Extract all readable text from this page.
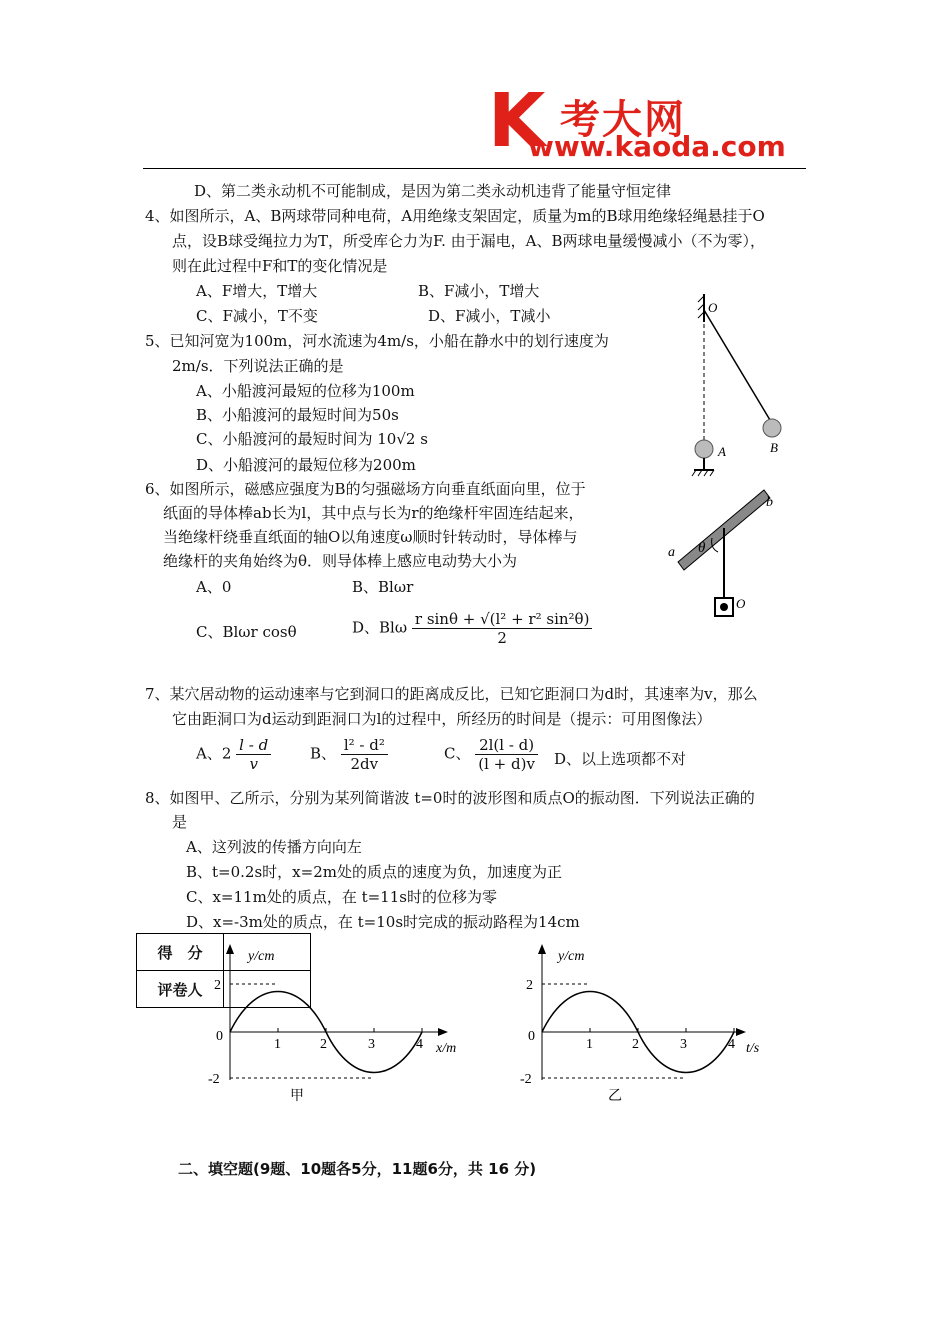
K 考大网
www.kaoda.com
D、第二类永动机不可能制成，是因为第二类永动机违背了能量守恒定律
4、如图所示，A、B两球带同种电荷，A用绝缘支架固定，质量为m的B球用绝缘轻绳悬挂于O
点，设B球受绳拉力为T，所受库仑力为F. 由于漏电，A、B两球电量缓慢减小（不为零），
则在此过程中F和T的变化情况是
A、F增大，T增大	B、F减小，T增大
C、F减小，T不变	D、F减小，T减小	O
A	B
5、已知河宽为100m，河水流速为4m/s，小船在静水中的划行速度为
2m/s．下列说法正确的是
A、小船渡河最短的位移为100m
B、小船渡河的最短时间为50s
C、小船渡河的最短时间为 10√2 s
D、小船渡河的最短位移为200m
6、如图所示，磁感应强度为B的匀强磁场方向垂直纸面向里，位于
纸面的导体棒ab长为l，其中点与长为r的绝缘杆牢固连结起来，
当绝缘杆绕垂直纸面的轴O以角速度ω顺时针转动时，导体棒与
绝缘杆的夹角始终为θ．则导体棒上感应电动势大小为
A、0	B、Blωr
C、Blωr cosθ	D、Blω $\frac{\text{r sinθ + √(l² + r² sin²θ)}}{2}$
a
b
θ
O
7、某穴居动物的运动速率与它到洞口的距离成反比，已知它距洞口为d时，其速率为v，那么
它由距洞口为d运动到距洞口为l的过程中，所经历的时间是（提示：可用图像法）
A、$2 \frac{l - d}{v}$	B、 $\frac{\text{l² - d²}}{2dv}$	C、 $\frac{2l(l - d)}{(l + d)v}$ D、以上选项都不对
8、如图甲、乙所示，分别为某列简谐波 t=0时的波形图和质点O的振动图．下列说法正确的
是
A、这列波的传播方向向左
B、t=0.2s时，x=2m处的质点的速度为负，加速度为正
C、x=11m处的质点，在 t=11s时的位移为零
D、x=-3m处的质点，在 t=10s时完成的振动路程为14cm
得　分	
评卷人	
y/cm
x/m
2
0
-2
1	2	3	4
甲
y/cm
t/s
2
0
-2
1	2	3	4
乙
二、填空题(9题、10题各5分，11题6分，共 16 分)
